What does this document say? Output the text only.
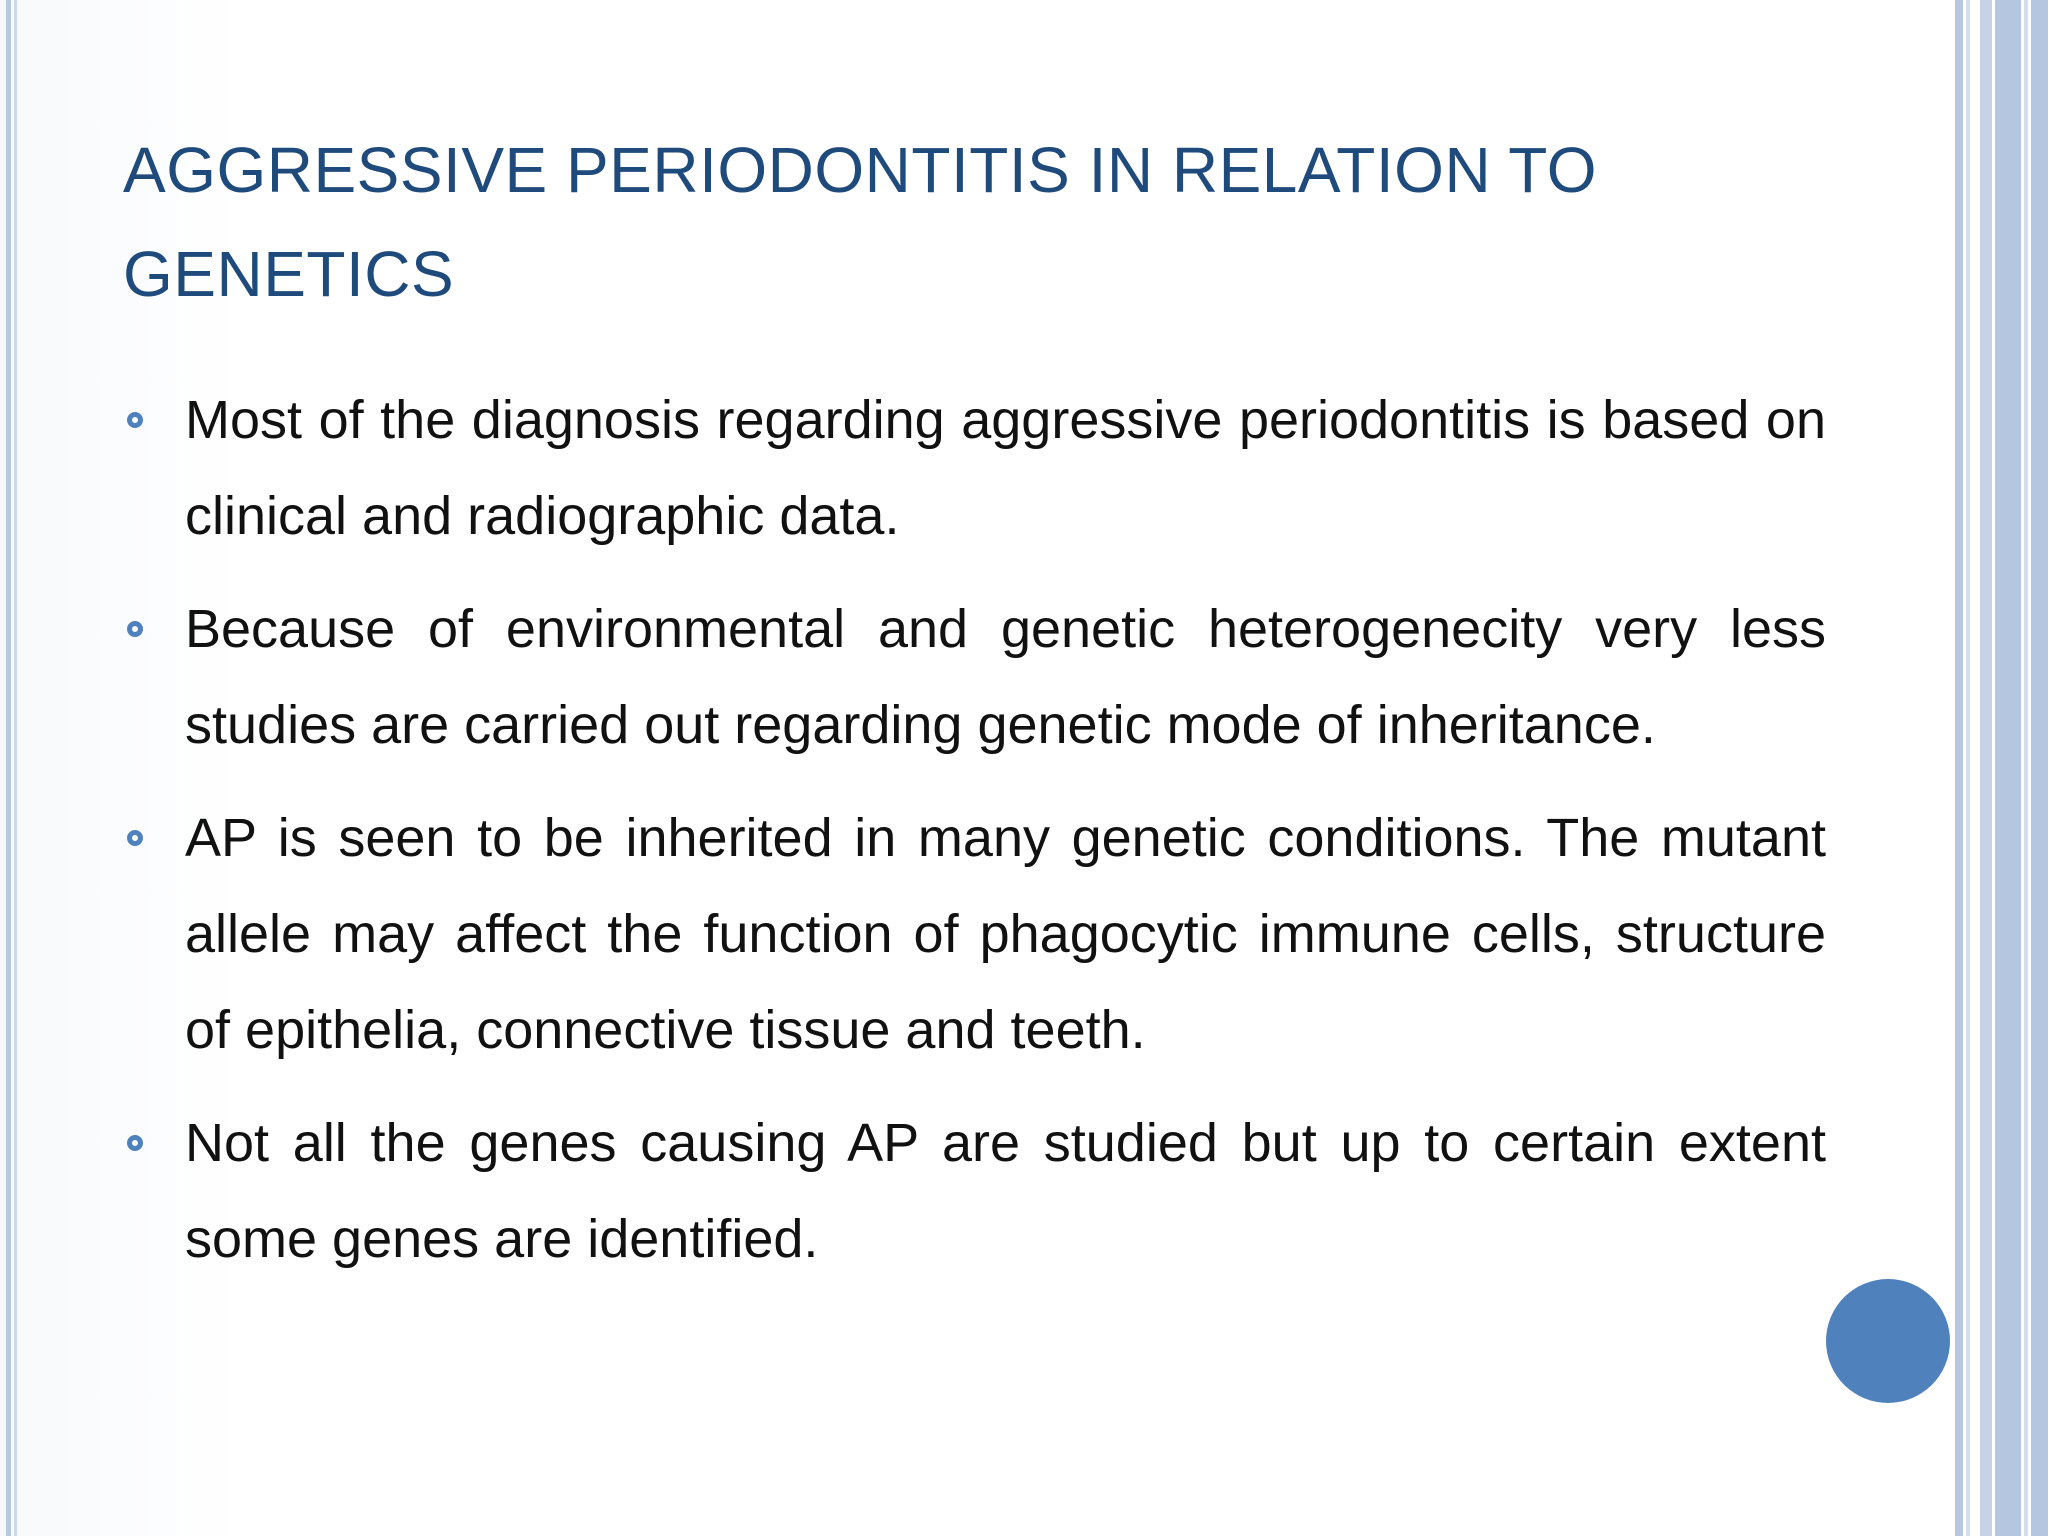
AGGRESSIVE PERIODONTITIS IN RELATION TO GENETICS
Most of the diagnosis regarding aggressive periodontitis is based on clinical and radiographic data.
Because of environmental and genetic heterogenecity very less studies are carried out regarding genetic mode of inheritance.
AP is seen to be inherited in many genetic conditions. The mutant allele may affect the function of phagocytic immune cells, structure of epithelia, connective tissue and teeth.
Not all the genes causing AP are studied but up to certain extent some genes are identified.
